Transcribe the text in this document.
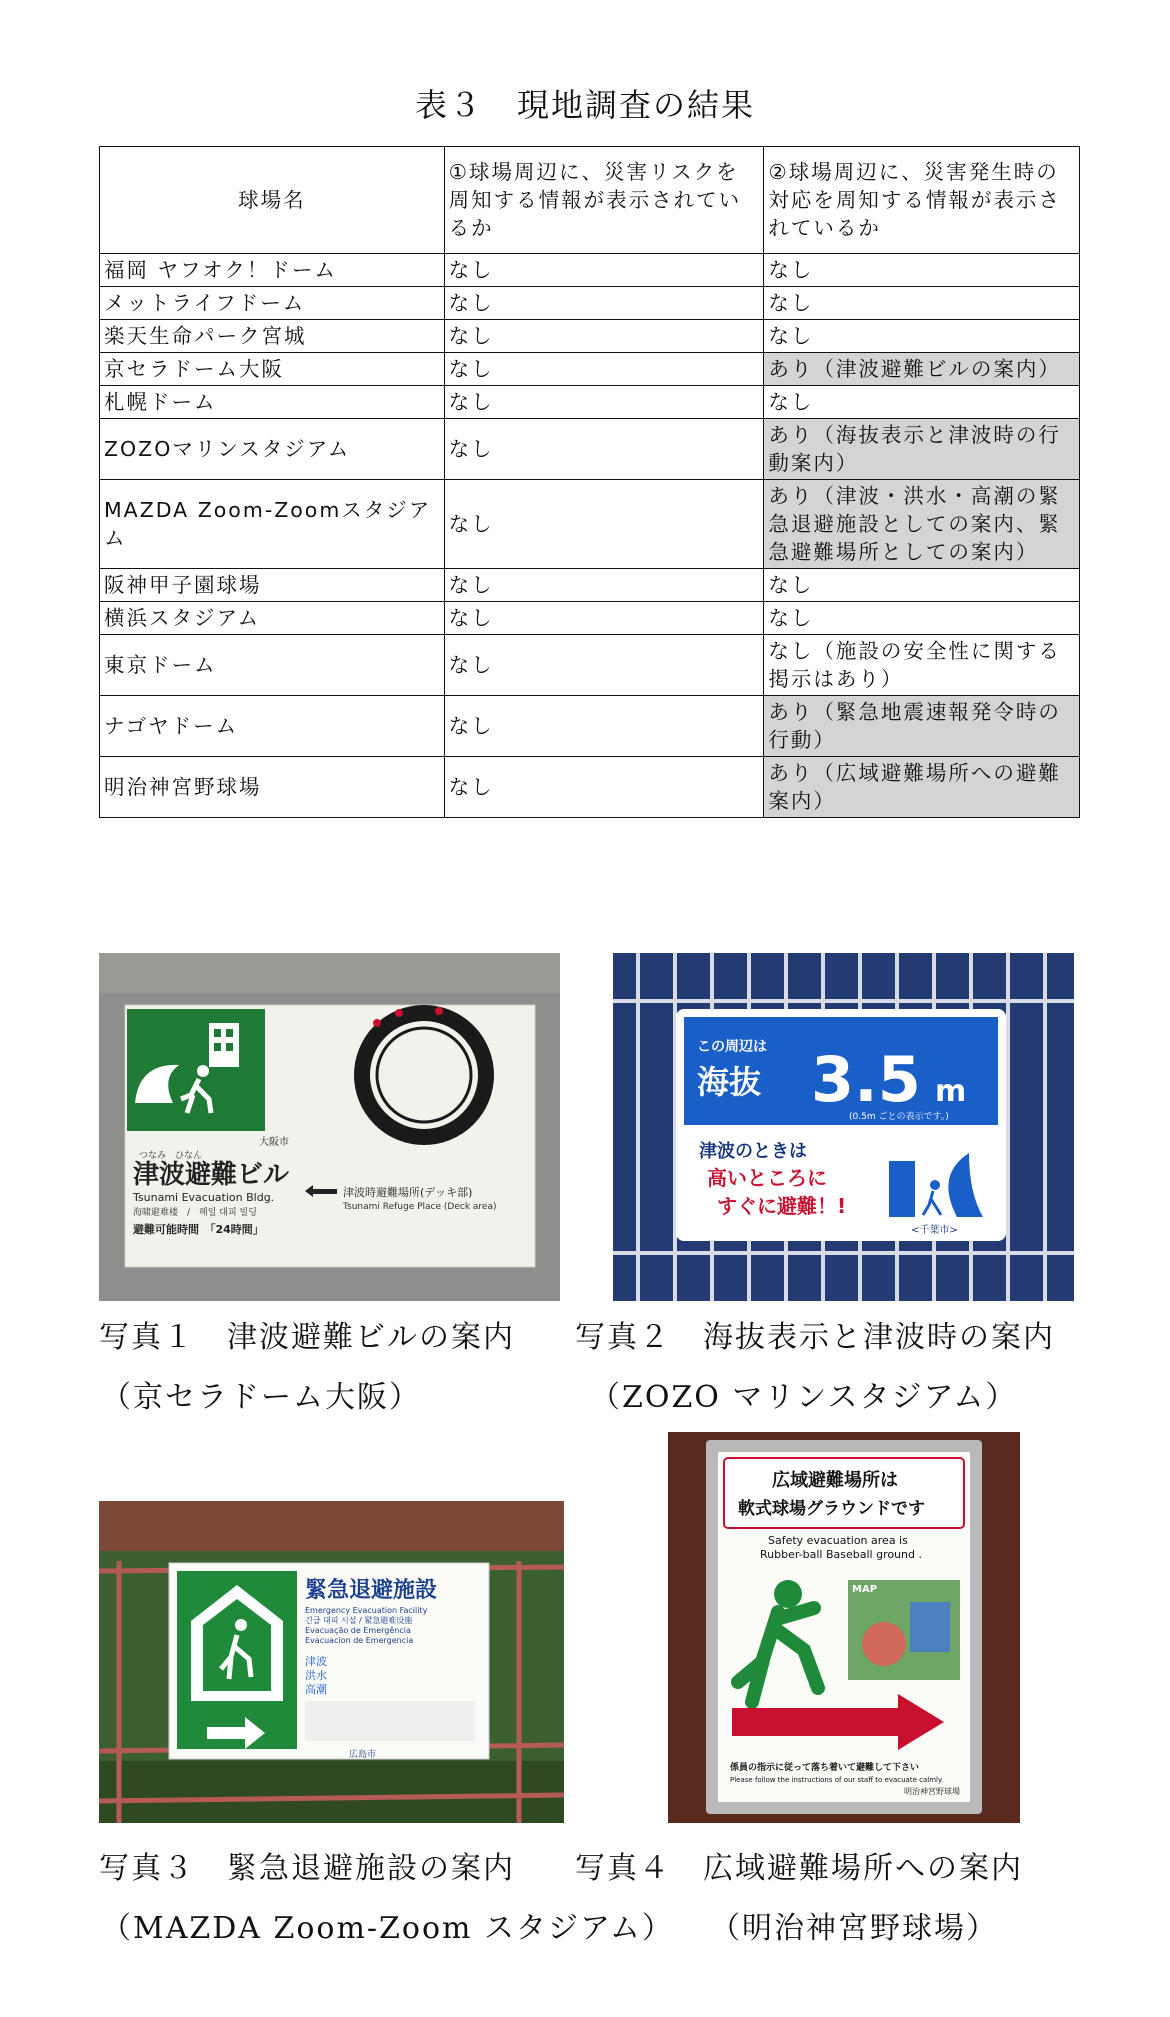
表３　現地調査の結果
球場名	①球場周辺に、災害リスクを周知する情報が表示されているか	②球場周辺に、災害発生時の対応を周知する情報が表示されているか
福岡 ヤフオク！ドーム	なし	なし
メットライフドーム	なし	なし
楽天生命パーク宮城	なし	なし
京セラドーム大阪	なし	あり（津波避難ビルの案内）
札幌ドーム	なし	なし
ZOZOマリンスタジアム	なし	あり（海抜表示と津波時の行動案内）
MAZDA Zoom-Zoomスタジアム	なし	あり（津波・洪水・高潮の緊急退避施設としての案内、緊急避難場所としての案内）
阪神甲子園球場	なし	なし
横浜スタジアム	なし	なし
東京ドーム	なし	なし（施設の安全性に関する掲示はあり）
ナゴヤドーム	なし	あり（緊急地震速報発令時の行動）
明治神宮野球場	なし	あり（広域避難場所への避難案内）
大阪市
つなみ　ひなん
津波避難ビル
Tsunami Evacuation Bldg.
海啸避难楼　/　해일 대피 빌딩
避難可能時間　「24時間」
津波時避難場所(デッキ部)
Tsunami Refuge Place (Deck area)
この周辺は
海抜 3.5 m
(0.5m ごとの表示です。)
津波のときは
高いところに
すぐに避難！!
<千葉市>
写真１　津波避難ビルの案内 写真２　海抜表示と津波時の案内
（京セラドーム大阪）	（ZOZO マリンスタジアム）
緊急退避施設
Emergency Evacuation Facility
긴급 대피 시설 / 紧急避难设施
Evacuação de Emergência
Evacuacion de Emergencia
津波
洪水
高潮
広島市
広域避難場所は
軟式球場グラウンドです
Safety evacuation area is
Rubber-ball Baseball ground .
MAP
係員の指示に従って落ち着いて避難して下さい
Please follow the instructions of our staff to evacuate calmly.
明治神宮野球場
写真３　緊急退避施設の案内 写真４　広域避難場所への案内
（MAZDA Zoom-Zoom スタジアム） （明治神宮野球場）
